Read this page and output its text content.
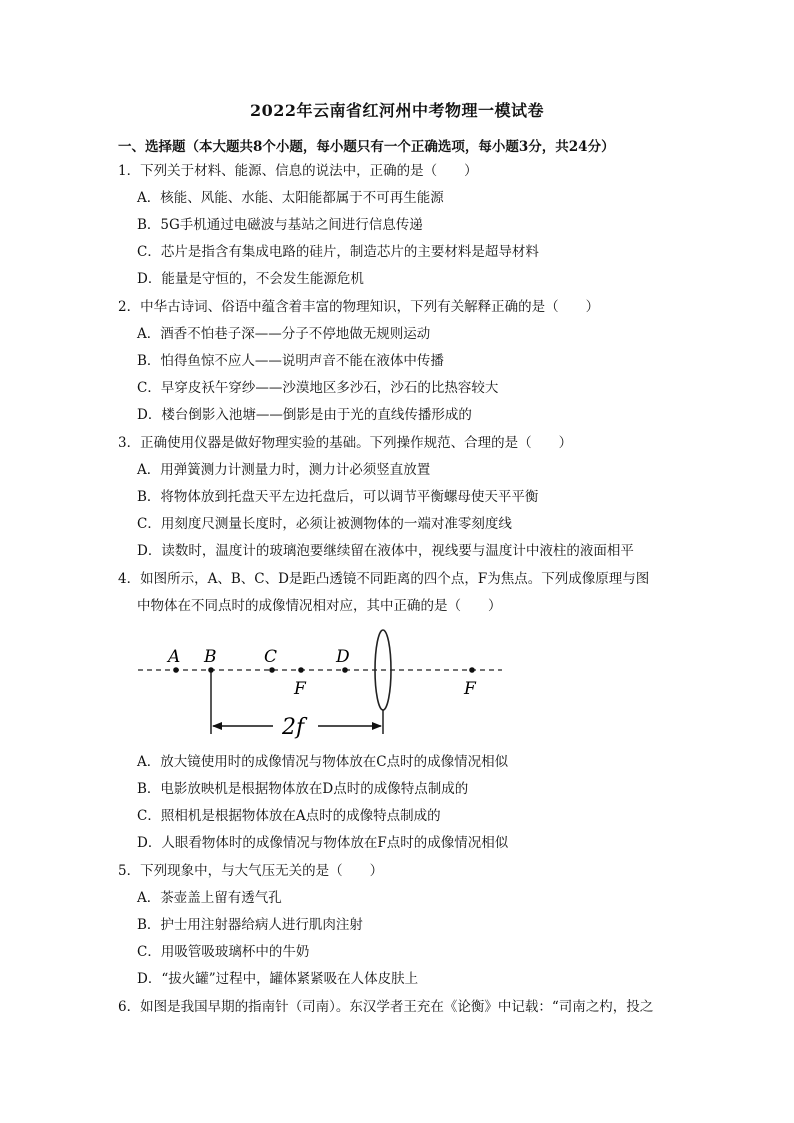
2022年云南省红河州中考物理一模试卷
一、选择题（本大题共8个小题，每小题只有一个正确选项，每小题3分，共24分）
1．下列关于材料、能源、信息的说法中，正确的是（　　）
A．核能、风能、水能、太阳能都属于不可再生能源
B．5G手机通过电磁波与基站之间进行信息传递
C．芯片是指含有集成电路的硅片，制造芯片的主要材料是超导材料
D．能量是守恒的，不会发生能源危机
2．中华古诗词、俗语中蕴含着丰富的物理知识，下列有关解释正确的是（　　）
A．酒香不怕巷子深——分子不停地做无规则运动
B．怕得鱼惊不应人——说明声音不能在液体中传播
C．早穿皮袄午穿纱——沙漠地区多沙石，沙石的比热容较大
D．楼台倒影入池塘——倒影是由于光的直线传播形成的
3．正确使用仪器是做好物理实验的基础。下列操作规范、合理的是（　　）
A．用弹簧测力计测量力时，测力计必须竖直放置
B．将物体放到托盘天平左边托盘后，可以调节平衡螺母使天平平衡
C．用刻度尺测量长度时，必须让被测物体的一端对准零刻度线
D．读数时，温度计的玻璃泡要继续留在液体中，视线要与温度计中液柱的液面相平
4．如图所示，A、B、C、D是距凸透镜不同距离的四个点，F为焦点。下列成像原理与图
中物体在不同点时的成像情况相对应，其中正确的是（　　）
A B	C	D
F	F
2f
A．放大镜使用时的成像情况与物体放在C点时的成像情况相似
B．电影放映机是根据物体放在D点时的成像特点制成的
C．照相机是根据物体放在A点时的成像特点制成的
D．人眼看物体时的成像情况与物体放在F点时的成像情况相似
5．下列现象中，与大气压无关的是（　　）
A．茶壶盖上留有透气孔
B．护士用注射器给病人进行肌肉注射
C．用吸管吸玻璃杯中的牛奶
D．“拔火罐”过程中，罐体紧紧吸在人体皮肤上
6．如图是我国早期的指南针（司南）。东汉学者王充在《论衡》中记载：“司南之杓，投之
